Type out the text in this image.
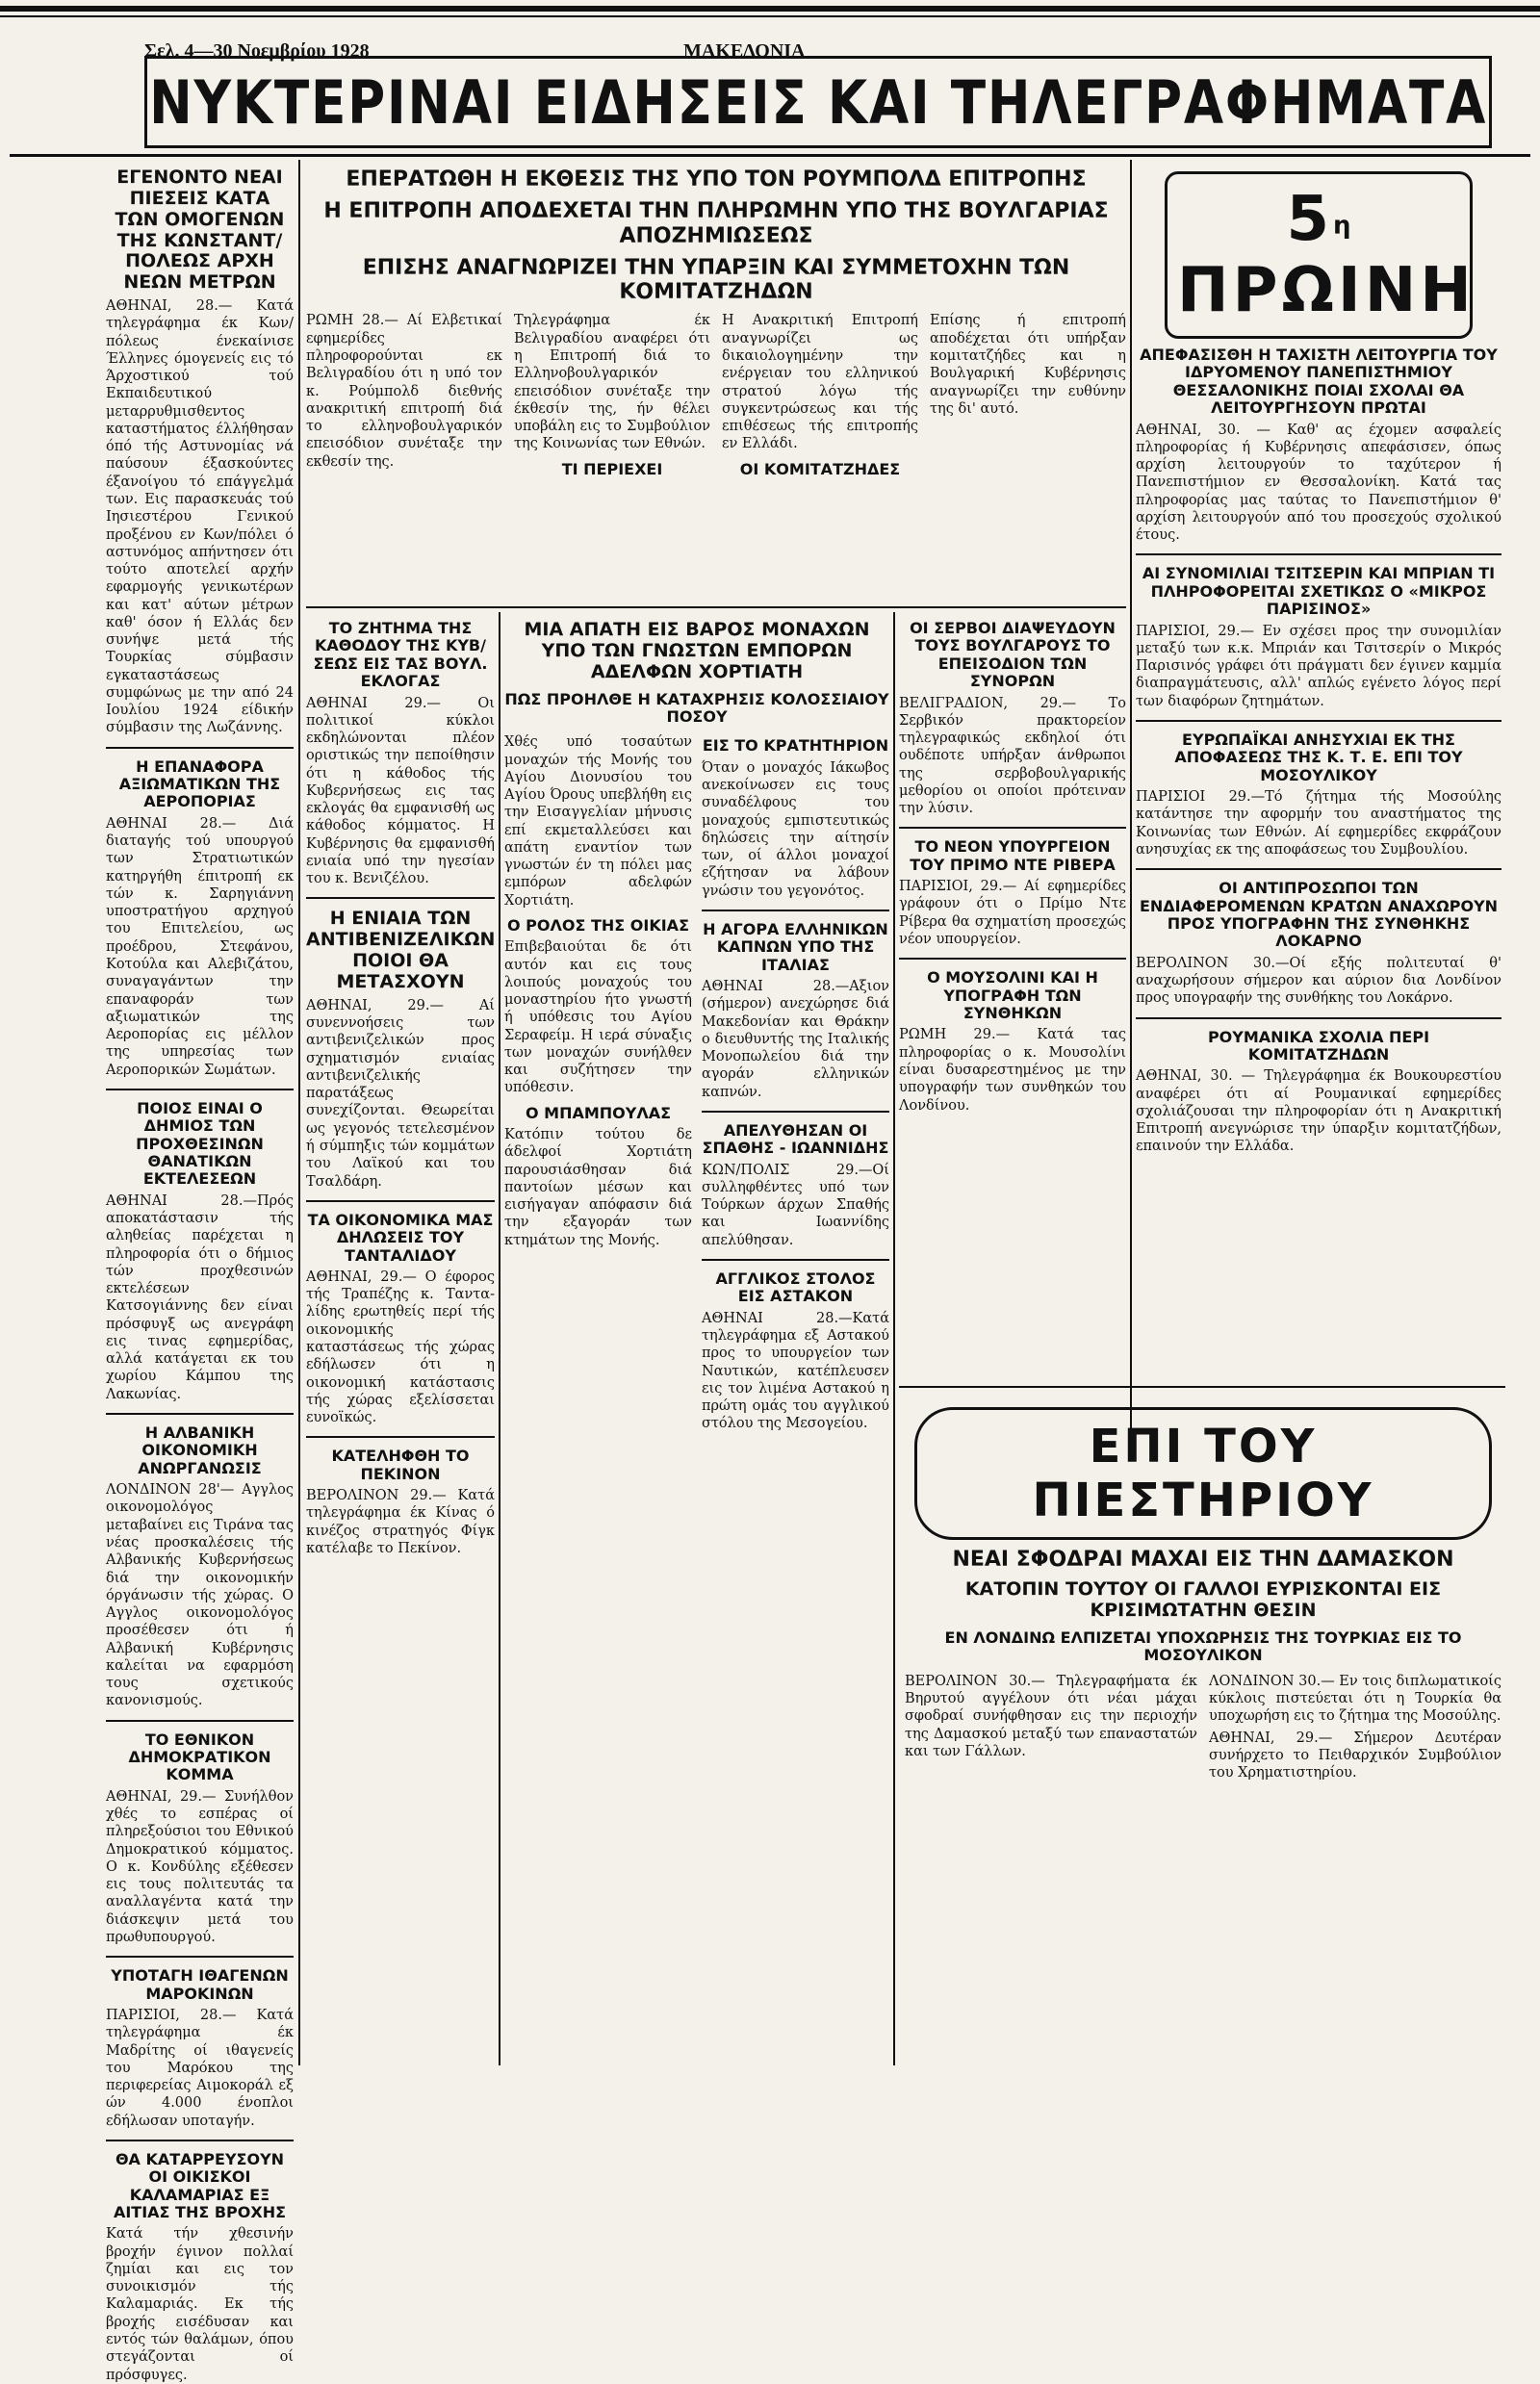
Σελ. 4—30 Νοεμβρίου 1928	ΜΑΚΕΔΟΝΙΑ
ΝΥΚΤΕΡΙΝΑΙ ΕΙΔΗΣΕΙΣ ΚΑΙ ΤΗΛΕΓΡΑΦΗΜΑΤΑ
ΕΓΕΝΟΝΤΟ ΝΕΑΙ ΠΙΕΣΕΙΣ ΚΑΤΑ ΤΩΝ ΟΜΟΓΕΝΩΝ ΤΗΣ ΚΩΝΣΤΑΝΤ/ΠΟΛΕΩΣ ΑΡΧΗ ΝΕΩΝ ΜΕΤΡΩΝ
ΑΘΗΝΑΙ, 28.— Κατά τηλεγράφημα έκ Κων/πόλεως ένεκαίνισε Έλληνες όμογενείς εις τό Άρχοστικού τού Εκπαιδευτικού μεταρρυθμισθεντος καταστήματος έλλήθησαν όπό τής Αστυνομίας νά παύσουν έξασκούντες έξανοίγου τό επάγγελμά των. Εις παρασκευάς τού Ιησιεστέρου Γενικού προξένου εν Κων/πόλει ό αστυνόμος απήντησεν ότι τούτο αποτελεί αρχήν εφαρμογής γενικωτέρων και κατ' αύτων μέτρων καθ' όσον ή Ελλάς δεν συνήψε μετά τής Τουρκίας σύμβασιν εγκαταστάσεως συμφώνως με την από 24 Ιουλίου 1924 είδικήν σύμβασιν της Λωζάννης.
Η ΕΠΑΝΑΦΟΡΑ ΑΞΙΩΜΑΤΙΚΩΝ ΤΗΣ ΑΕΡΟΠΟΡΙΑΣ
ΑΘΗΝΑΙ 28.— Διά διαταγής τού υπουργού των Στρατιωτικών κατηργήθη έπιτροπή εκ τών κ. Σαρηγιάννη υποστρατήγου αρχηγού του Επιτελείου, ως προέδρου, Στεφάνου, Κοτούλα και Αλεβιζάτου, συναγαγάντων την επαναφοράν των αξιωματικών της Αεροπορίας εις μέλλον της υπηρεσίας των Αεροπορικών Σωμάτων.
ΠΟΙΟΣ ΕΙΝΑΙ Ο ΔΗΜΙΟΣ ΤΩΝ ΠΡΟΧΘΕΣΙΝΩΝ ΘΑΝΑΤΙΚΩΝ ΕΚΤΕΛΕΣΕΩΝ
ΑΘΗΝΑΙ 28.—Πρός αποκατάστασιν τής αληθείας παρέχεται η πληροφορία ότι ο δήμιος τών προχθεσινών εκτελέσεων Κατσογιάννης δεν είναι πρόσφυγξ ως ανεγράφη εις τινας εφημερίδας, αλλά κατάγεται εκ του χωρίου Κάμπου της Λακωνίας.
Η ΑΛΒΑΝΙΚΗ ΟΙΚΟΝΟΜΙΚΗ ΑΝΩΡΓΑΝΩΣΙΣ
ΛΟΝΔΙΝΟΝ 28'— Αγγλος οικονομολόγος μεταβαίνει εις Τιράνα τας νέας προσκαλέσεις τής Αλβανικής Κυβερνήσεως διά την οικονομικήν όργάνωσιν τής χώρας. Ο Αγγλος οικονομολόγος προσέθεσεν ότι ή Αλβανική Κυβέρνησις καλείται να εφαρμόση τους σχετικούς κανονισμούς.
ΤΟ ΕΘΝΙΚΟΝ ΔΗΜΟΚΡΑΤΙΚΟΝ ΚΟΜΜΑ
ΑΘΗΝΑΙ, 29.— Συνήλθον χθές το εσπέρας οί πληρεξούσιοι του Εθνικού Δημοκρατικού κόμματος. Ο κ. Κονδύλης εξέθεσεν εις τους πολιτευτάς τα αναλλαγέντα κατά την διάσκεψιν μετά του πρωθυπουργού.
ΥΠΟΤΑΓΗ ΙΘΑΓΕΝΩΝ ΜΑΡΟΚΙΝΩΝ
ΠΑΡΙΣΙΟΙ, 28.— Κατά τηλεγράφημα έκ Μαδρίτης οί ιθαγενείς του Μαρόκου της περιφερείας Αιμοκοράλ εξ ών 4.000 ένοπλοι εδήλωσαν υποταγήν.
ΘΑ ΚΑΤΑΡΡΕΥΣΟΥΝ ΟΙ ΟΙΚΙΣΚΟΙ ΚΑΛΑΜΑΡΙΑΣ ΕΞ ΑΙΤΙΑΣ ΤΗΣ ΒΡΟΧΗΣ
Κατά τήν χθεσινήν βροχήν έγινον πολλαί ζημίαι και εις τον συνοικισμόν τής Καλαμαριάς. Εκ τής βροχής εισέδυσαν και εντός τών θαλάμων, όπου στεγάζονται οί πρόσφυγες.
ΕΠΕΡΑΤΩΘΗ Η ΕΚΘΕΣΙΣ ΤΗΣ ΥΠΟ ΤΟΝ ΡΟΥΜΠΟΛΔ ΕΠΙΤΡΟΠΗΣ
Η ΕΠΙΤΡΟΠΗ ΑΠΟΔΕΧΕΤΑΙ ΤΗΝ ΠΛΗΡΩΜΗΝ ΥΠΟ ΤΗΣ ΒΟΥΛΓΑΡΙΑΣ ΑΠΟΖΗΜΙΩΣΕΩΣ
ΕΠΙΣΗΣ ΑΝΑΓΝΩΡΙΖΕΙ ΤΗΝ ΥΠΑΡΞΙΝ ΚΑΙ ΣΥΜΜΕΤΟΧΗΝ ΤΩΝ ΚΟΜΙΤΑΤΖΗΔΩΝ
ΡΩΜΗ 28.— Αί Ελβετικαί εφημερίδες πληροφορούνται εκ Βελιγραδίου ότι η υπό τον κ. Ρούμπολδ διεθνής ανακριτική επιτροπή διά το ελληνοβουλγαρικόν επεισόδιον συνέταξε την εκθεσίν της.
Τηλεγράφημα έκ Βελιγραδίου αναφέρει ότι η Επιτροπή διά το Ελληνοβουλγαρικόν επεισόδιον συνέταξε την έκθεσίν της, ήν θέλει υποβάλη εις το Συμβούλιον της Κοινωνίας των Εθνών.
ΤΙ ΠΕΡΙΕΧΕΙ
Η Ανακριτική Επιτροπή αναγνωρίζει ως δικαιολογημένην την ενέργειαν του ελληνικού στρατού λόγω τής συγκεντρώσεως και τής επιθέσεως τής επιτροπής εν Ελλάδι.
ΟΙ ΚΟΜΙΤΑΤΖΗΔΕΣ
Επίσης ή επιτροπή αποδέχεται ότι υπήρξαν κομιτατζήδες και η Βουλγαρική Κυβέρνησις αναγνωρίζει την ευθύνην της δι' αυτό.
ΤΟ ΖΗΤΗΜΑ ΤΗΣ ΚΑΘΟΔΟΥ ΤΗΣ ΚΥΒ/ΣΕΩΣ ΕΙΣ ΤΑΣ ΒΟΥΛ. ΕΚΛΟΓΑΣ
ΑΘΗΝΑΙ 29.— Οι πολιτικοί κύκλοι εκδηλώνονται πλέον οριστικώς την πεποίθησιν ότι η κάθοδος τής Κυβερνήσεως εις τας εκλογάς θα εμφανισθή ως κάθοδος κόμματος. Η Κυβέρνησις θα εμφανισθή ενιαία υπό την ηγεσίαν του κ. Βενιζέλου.
Η ΕΝΙΑΙΑ ΤΩΝ ΑΝΤΙΒΕΝΙΖΕΛΙΚΩΝ ΠΟΙΟΙ ΘΑ ΜΕΤΑΣΧΟΥΝ
ΑΘΗΝΑΙ, 29.— Αί συνεννοήσεις των αντιβενιζελικών προς σχηματισμόν ενιαίας αντιβενιζελικής παρατάξεως συνεχίζονται. Θεωρείται ως γεγονός τετελεσμένον ή σύμπηξις τών κομμάτων του Λαϊκού και του Τσαλδάρη.
ΤΑ ΟΙΚΟΝΟΜΙΚΑ ΜΑΣ ΔΗΛΩΣΕΙΣ ΤΟΥ ΤΑΝΤΑΛΙΔΟΥ
ΑΘΗΝΑΙ, 29.— Ο έφορος τής Τραπέζης κ. Τανταλίδης ερωτηθείς περί τής οικονομικής καταστάσεως τής χώρας εδήλωσεν ότι η οικονομική κατάστασις τής χώρας εξελίσσεται ευνοϊκώς.
ΚΑΤΕΛΗΦΘΗ ΤΟ ΠΕΚΙΝΟΝ
ΒΕΡΟΛΙΝΟΝ 29.— Κατά τηλεγράφημα έκ Κίνας ό κινέζος στρατηγός Φίγκ κατέλαβε το Πεκίνον.
ΜΙΑ ΑΠΑΤΗ ΕΙΣ ΒΑΡΟΣ ΜΟΝΑΧΩΝ ΥΠΟ ΤΩΝ ΓΝΩΣΤΩΝ ΕΜΠΟΡΩΝ ΑΔΕΛΦΩΝ ΧΟΡΤΙΑΤΗ
ΠΩΣ ΠΡΟΗΛΘΕ Η ΚΑΤΑΧΡΗΣΙΣ ΚΟΛΟΣΣΙΑΙΟΥ ΠΟΣΟΥ
Χθές υπό τοσαύτων μοναχών τής Μονής του Αγίου Διονυσίου του Αγίου Όρους υπεβλήθη εις την Εισαγγελίαν μήνυσις επί εκμεταλλεύσει και απάτη εναντίον των γνωστών έν τη πόλει μας εμπόρων αδελφών Χορτιάτη.
Ο ΡΟΛΟΣ ΤΗΣ ΟΙΚΙΑΣ
Επιβεβαιούται δε ότι αυτόν και εις τους λοιπούς μοναχούς του μοναστηρίου ήτο γνωστή ή υπόθεσις του Αγίου Σεραφείμ. Η ιερά σύναξις των μοναχών συνήλθεν και συζήτησεν την υπόθεσιν.
Ο ΜΠΑΜΠΟΥΛΑΣ
Κατόπιν τούτου δε άδελφοί Χορτιάτη παρουσιάσθησαν διά παντοίων μέσων και εισήγαγαν απόφασιν διά την εξαγοράν των κτημάτων της Μονής.
ΕΙΣ ΤΟ ΚΡΑΤΗΤΗΡΙΟΝ
Όταν ο μοναχός Ιάκωβος ανεκοίνωσεν εις τους συναδέλφους του μοναχούς εμπιστευτικώς δηλώσεις την αίτησίν των, οί άλλοι μοναχοί εζήτησαν να λάβουν γνώσιν του γεγονότος.
Η ΑΓΟΡΑ ΕΛΛΗΝΙΚΩΝ ΚΑΠΝΩΝ ΥΠΟ ΤΗΣ ΙΤΑΛΙΑΣ
ΑΘΗΝΑΙ 28.—Αξιον (σήμερον) ανεχώρησε διά Μακεδονίαν και Θράκην ο διευθυντής της Ιταλικής Μονοπωλείου διά την αγοράν ελληνικών καπνών.
ΑΠΕΛΥΘΗΣΑΝ ΟΙ ΣΠΑΘΗΣ - ΙΩΑΝΝΙΔΗΣ
ΚΩΝ/ΠΟΛΙΣ 29.—Οί συλληφθέντες υπό των Τούρκων άρχων Σπαθής και Ιωαννίδης απελύθησαν.
ΑΓΓΛΙΚΟΣ ΣΤΟΛΟΣ ΕΙΣ ΑΣΤΑΚΟΝ
ΑΘΗΝΑΙ 28.—Κατά τηλεγράφημα εξ Αστακού προς το υπουργείον των Ναυτικών, κατέπλευσεν εις τον λιμένα Αστακού η πρώτη ομάς του αγγλικού στόλου της Μεσογείου.
ΟΙ ΣΕΡΒΟΙ ΔΙΑΨΕΥΔΟΥΝ ΤΟΥΣ ΒΟΥΛΓΑΡΟΥΣ ΤΟ ΕΠΕΙΣΟΔΙΟΝ ΤΩΝ ΣΥΝΟΡΩΝ
ΒΕΛΙΓΡΑΔΙΟΝ, 29.— Το Σερβικόν πρακτορείον τηλεγραφικώς εκδηλοί ότι ουδέποτε υπήρξαν άνθρωποι της σερβοβουλγαρικής μεθορίου οι οποίοι πρότειναν την λύσιν.
ΤΟ ΝΕΟΝ ΥΠΟΥΡΓΕΙΟΝ ΤΟΥ ΠΡΙΜΟ ΝΤΕ ΡΙΒΕΡΑ
ΠΑΡΙΣΙΟΙ, 29.— Αί εφημερίδες γράφουν ότι ο Πρίμο Ντε Ρίβερα θα σχηματίση προσεχώς νέον υπουργείον.
Ο ΜΟΥΣΟΛΙΝΙ ΚΑΙ Η ΥΠΟΓΡΑΦΗ ΤΩΝ ΣΥΝΘΗΚΩΝ
ΡΩΜΗ 29.— Κατά τας πληροφορίας ο κ. Μουσολίνι είναι δυσαρεστημένος με την υπογραφήν των συνθηκών του Λονδίνου.
$5^\eta$ ΠΡΩΙΝΗ
ΑΠΕΦΑΣΙΣΘΗ Η ΤΑΧΙΣΤΗ ΛΕΙΤΟΥΡΓΙΑ ΤΟΥ ΙΔΡΥΟΜΕΝΟΥ ΠΑΝΕΠΙΣΤΗΜΙΟΥ ΘΕΣΣΑΛΟΝΙΚΗΣ ΠΟΙΑΙ ΣΧΟΛΑΙ ΘΑ ΛΕΙΤΟΥΡΓΗΣΟΥΝ ΠΡΩΤΑΙ
ΑΘΗΝΑΙ, 30. — Καθ' ας έχομεν ασφαλείς πληροφορίας ή Κυβέρνησις απεφάσισεν, όπως αρχίση λειτουργούν το ταχύτερον ή Πανεπιστήμιον εν Θεσσαλονίκη. Κατά τας πληροφορίας μας ταύτας το Πανεπιστήμιον θ' αρχίση λειτουργούν από του προσεχούς σχολικού έτους.
ΑΙ ΣΥΝΟΜΙΛΙΑΙ ΤΣΙΤΣΕΡΙΝ ΚΑΙ ΜΠΡΙΑΝ ΤΙ ΠΛΗΡΟΦΟΡΕΙΤΑΙ ΣΧΕΤΙΚΩΣ Ο «ΜΙΚΡΟΣ ΠΑΡΙΣΙΝΟΣ»
ΠΑΡΙΣΙΟΙ, 29.— Εν σχέσει προς την συνομιλίαν μεταξύ των κ.κ. Μπριάν και Τσιτσερίν ο Μικρός Παρισινός γράφει ότι πράγματι δεν έγινεν καμμία διαπραγμάτευσις, αλλ' απλώς εγένετο λόγος περί των διαφόρων ζητημάτων.
ΕΥΡΩΠΑΪΚΑΙ ΑΝΗΣΥΧΙΑΙ ΕΚ ΤΗΣ ΑΠΟΦΑΣΕΩΣ ΤΗΣ Κ. Τ. Ε. ΕΠΙ ΤΟΥ ΜΟΣΟΥΛΙΚΟΥ
ΠΑΡΙΣΙΟΙ 29.—Τό ζήτημα τής Μοσούλης κατάντησε την αφορμήν του αναστήματος της Κοινωνίας των Εθνών. Αί εφημερίδες εκφράζουν ανησυχίας εκ της αποφάσεως του Συμβουλίου.
ΟΙ ΑΝΤΙΠΡΟΣΩΠΟΙ ΤΩΝ ΕΝΔΙΑΦΕΡΟΜΕΝΩΝ ΚΡΑΤΩΝ ΑΝΑΧΩΡΟΥΝ ΠΡΟΣ ΥΠΟΓΡΑΦΗΝ ΤΗΣ ΣΥΝΘΗΚΗΣ ΛΟΚΑΡΝΟ
ΒΕΡΟΛΙΝΟΝ 30.—Οί εξής πολιτευταί θ' αναχωρήσουν σήμερον και αύριον δια Λονδίνον προς υπογραφήν της συνθήκης του Λοκάρνο.
ΡΟΥΜΑΝΙΚΑ ΣΧΟΛΙΑ ΠΕΡΙ ΚΟΜΙΤΑΤΖΗΔΩΝ
ΑΘΗΝΑΙ, 30. — Τηλεγράφημα έκ Βουκουρεστίου αναφέρει ότι αί Ρουμανικαί εφημερίδες σχολιάζουσαι την πληροφορίαν ότι η Ανακριτική Επιτροπή ανεγνώρισε την ύπαρξιν κομιτατζήδων, επαινούν την Ελλάδα.
ΕΠΙ ΤΟΥ ΠΙΕΣΤΗΡΙΟΥ
ΝΕΑΙ ΣΦΟΔΡΑΙ ΜΑΧΑΙ ΕΙΣ ΤΗΝ ΔΑΜΑΣΚΟΝ
ΚΑΤΟΠΙΝ ΤΟΥΤΟΥ ΟΙ ΓΑΛΛΟΙ ΕΥΡΙΣΚΟΝΤΑΙ ΕΙΣ ΚΡΙΣΙΜΩΤΑΤΗΝ ΘΕΣΙΝ
ΕΝ ΛΟΝΔΙΝΩ ΕΛΠΙΖΕΤΑΙ ΥΠΟΧΩΡΗΣΙΣ ΤΗΣ ΤΟΥΡΚΙΑΣ ΕΙΣ ΤΟ ΜΟΣΟΥΛΙΚΟΝ
ΒΕΡΟΛΙΝΟΝ 30.— Τηλεγραφήματα έκ Βηρυτού αγγέλουν ότι νέαι μάχαι σφοδραί συνήφθησαν εις την περιοχήν της Δαμασκού μεταξύ των επαναστατών και των Γάλλων.
ΛΟΝΔΙΝΟΝ 30.— Εν τοις διπλωματικοίς κύκλοις πιστεύεται ότι η Τουρκία θα υποχωρήση εις το ζήτημα της Μοσούλης.
ΑΘΗΝΑΙ, 29.— Σήμερον Δευτέραν συνήρχετο το Πειθαρχικόν Συμβούλιον του Χρηματιστηρίου.
